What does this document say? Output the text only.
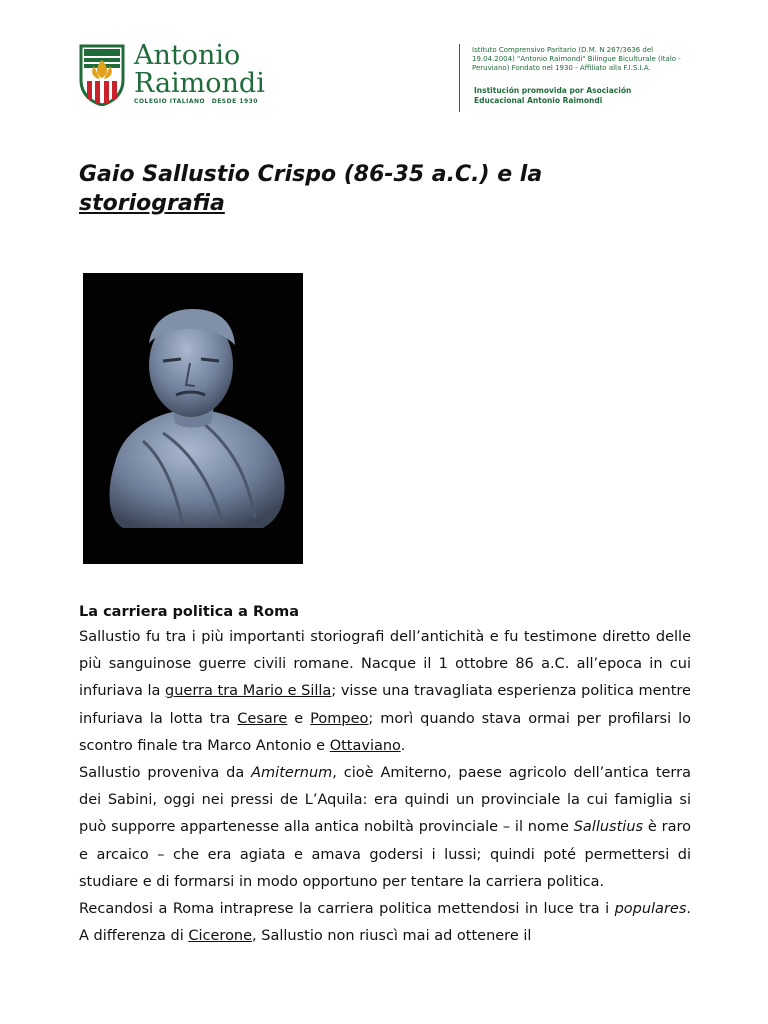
Antonio
Raimondi
COLEGIO ITALIANO DESDE 1930
Istituto Comprensivo Paritario (D.M. N 267/3636 del 19.04.2004) "Antonio Raimondi" Bilingue Biculturale (Italo - Peruviano) Fondato nel 1930 - Affiliato alla F.I.S.I.A.
Institución promovida por Asociación Educacional Antonio Raimondi
Gaio Sallustio Crispo (86-35 a.C.) e la
storiografia

La carriera politica a Roma

Sallustio fu tra i più importanti storiografi dell’antichità e fu testimone diretto delle più sanguinose guerre civili romane. Nacque il 1 ottobre 86 a.C. all’epoca in cui infuriava la guerra tra Mario e Silla; visse una travagliata esperienza politica mentre infuriava la lotta tra Cesare e Pompeo; morì quando stava ormai per profilarsi lo scontro finale tra Marco Antonio e Ottaviano.

Sallustio proveniva da Amiternum, cioè Amiterno, paese agricolo dell’antica terra dei Sabini, oggi nei pressi de L’Aquila: era quindi un provinciale la cui famiglia si può supporre appartenesse alla antica nobiltà provinciale – il nome Sallustius è raro e arcaico – che era agiata e amava godersi i lussi; quindi poté permettersi di studiare e di formarsi in modo opportuno per tentare la carriera politica.

Recandosi a Roma intraprese la carriera politica mettendosi in luce tra i populares. A differenza di Cicerone, Sallustio non riuscì mai ad ottenere il
